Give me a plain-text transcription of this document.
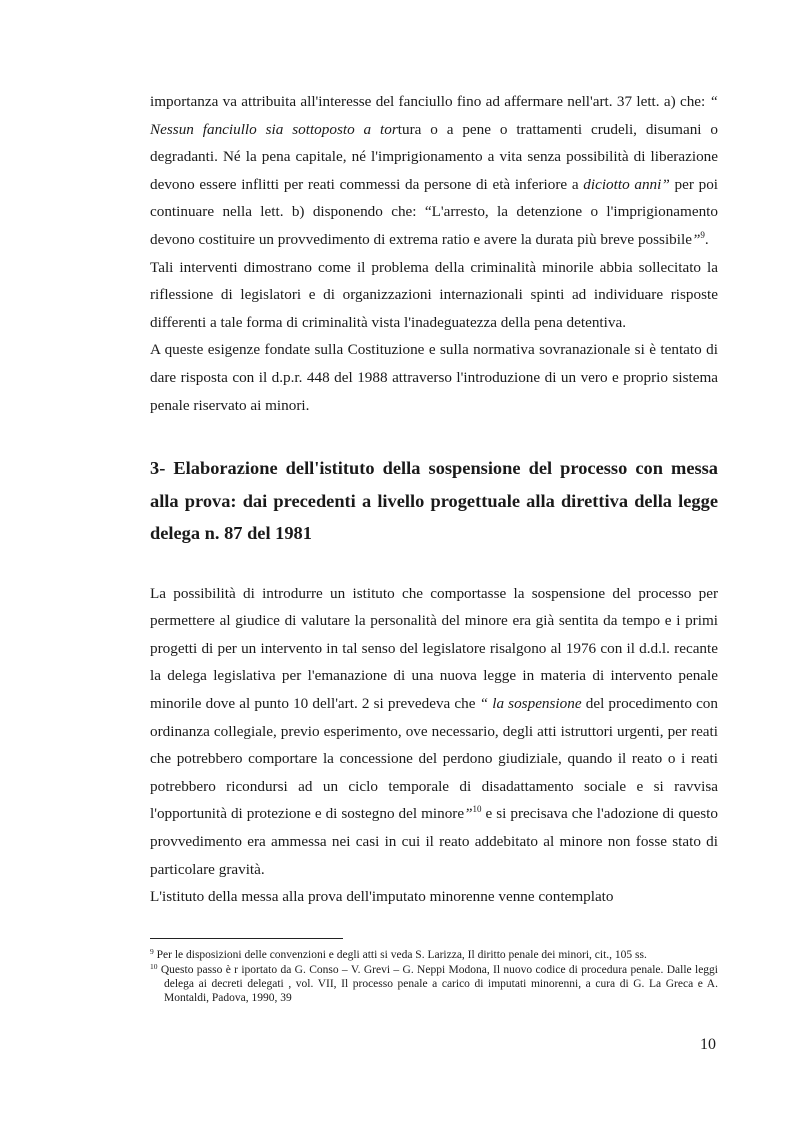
importanza va attribuita all'interesse del fanciullo fino ad affermare nell'art. 37 lett. a) che: “ Nessun fanciullo sia sottoposto a tortura o a pene o trattamenti crudeli, disumani o degradanti. Né la pena capitale, né l'imprigionamento a vita senza possibilità di liberazione devono essere inflitti per reati commessi da persone di età inferiore a diciotto anni” per poi continuare nella lett. b) disponendo che: “L'arresto, la detenzione o l'imprigionamento devono costituire un provvedimento di extrema ratio e avere la durata più breve possibile”$^9$.

Tali interventi dimostrano come il problema della criminalità minorile abbia sollecitato la riflessione di legislatori e di organizzazioni internazionali spinti ad individuare risposte differenti a tale forma di criminalità vista l'inadeguatezza della pena detentiva.

A queste esigenze fondate sulla Costituzione e sulla normativa sovranazionale si è tentato di dare risposta con il d.p.r. 448 del 1988 attraverso l'introduzione di un vero e proprio sistema penale riservato ai minori.

3- Elaborazione dell'istituto della sospensione del processo con messa alla prova: dai precedenti a livello progettuale alla direttiva della legge delega n. 87 del 1981

La possibilità di introdurre un istituto che comportasse la sospensione del processo per permettere al giudice di valutare la personalità del minore era già sentita da tempo e i primi progetti di per un intervento in tal senso del legislatore risalgono al 1976 con il d.d.l. recante la delega legislativa per l'emanazione di una nuova legge in materia di intervento penale minorile dove al punto 10 dell'art. 2 si prevedeva che “ la sospensione del procedimento con ordinanza collegiale, previo esperimento, ove necessario, degli atti istruttori urgenti, per reati che potrebbero comportare la concessione del perdono giudiziale, quando il reato o i reati potrebbero ricondursi ad un ciclo temporale di disadattamento sociale e si ravvisa l'opportunità di protezione e di sostegno del minore”$^{10}$ e si precisava che l'adozione di questo provvedimento era ammessa nei casi in cui il reato addebitato al minore non fosse stato di particolare gravità.

L'istituto della messa alla prova dell'imputato minorenne venne contemplato

$^9$ Per le disposizioni delle convenzioni e degli atti si veda S. Larizza, Il diritto penale dei minori, cit., 105 ss.

$^{10}$ Questo passo è r iportato da G. Conso – V. Grevi – G. Neppi Modona, Il nuovo codice di procedura penale. Dalle leggi delega ai decreti delegati , vol. VII, Il processo penale a carico di imputati minorenni, a cura di G. La Greca e A. Montaldi, Padova, 1990, 39

10
